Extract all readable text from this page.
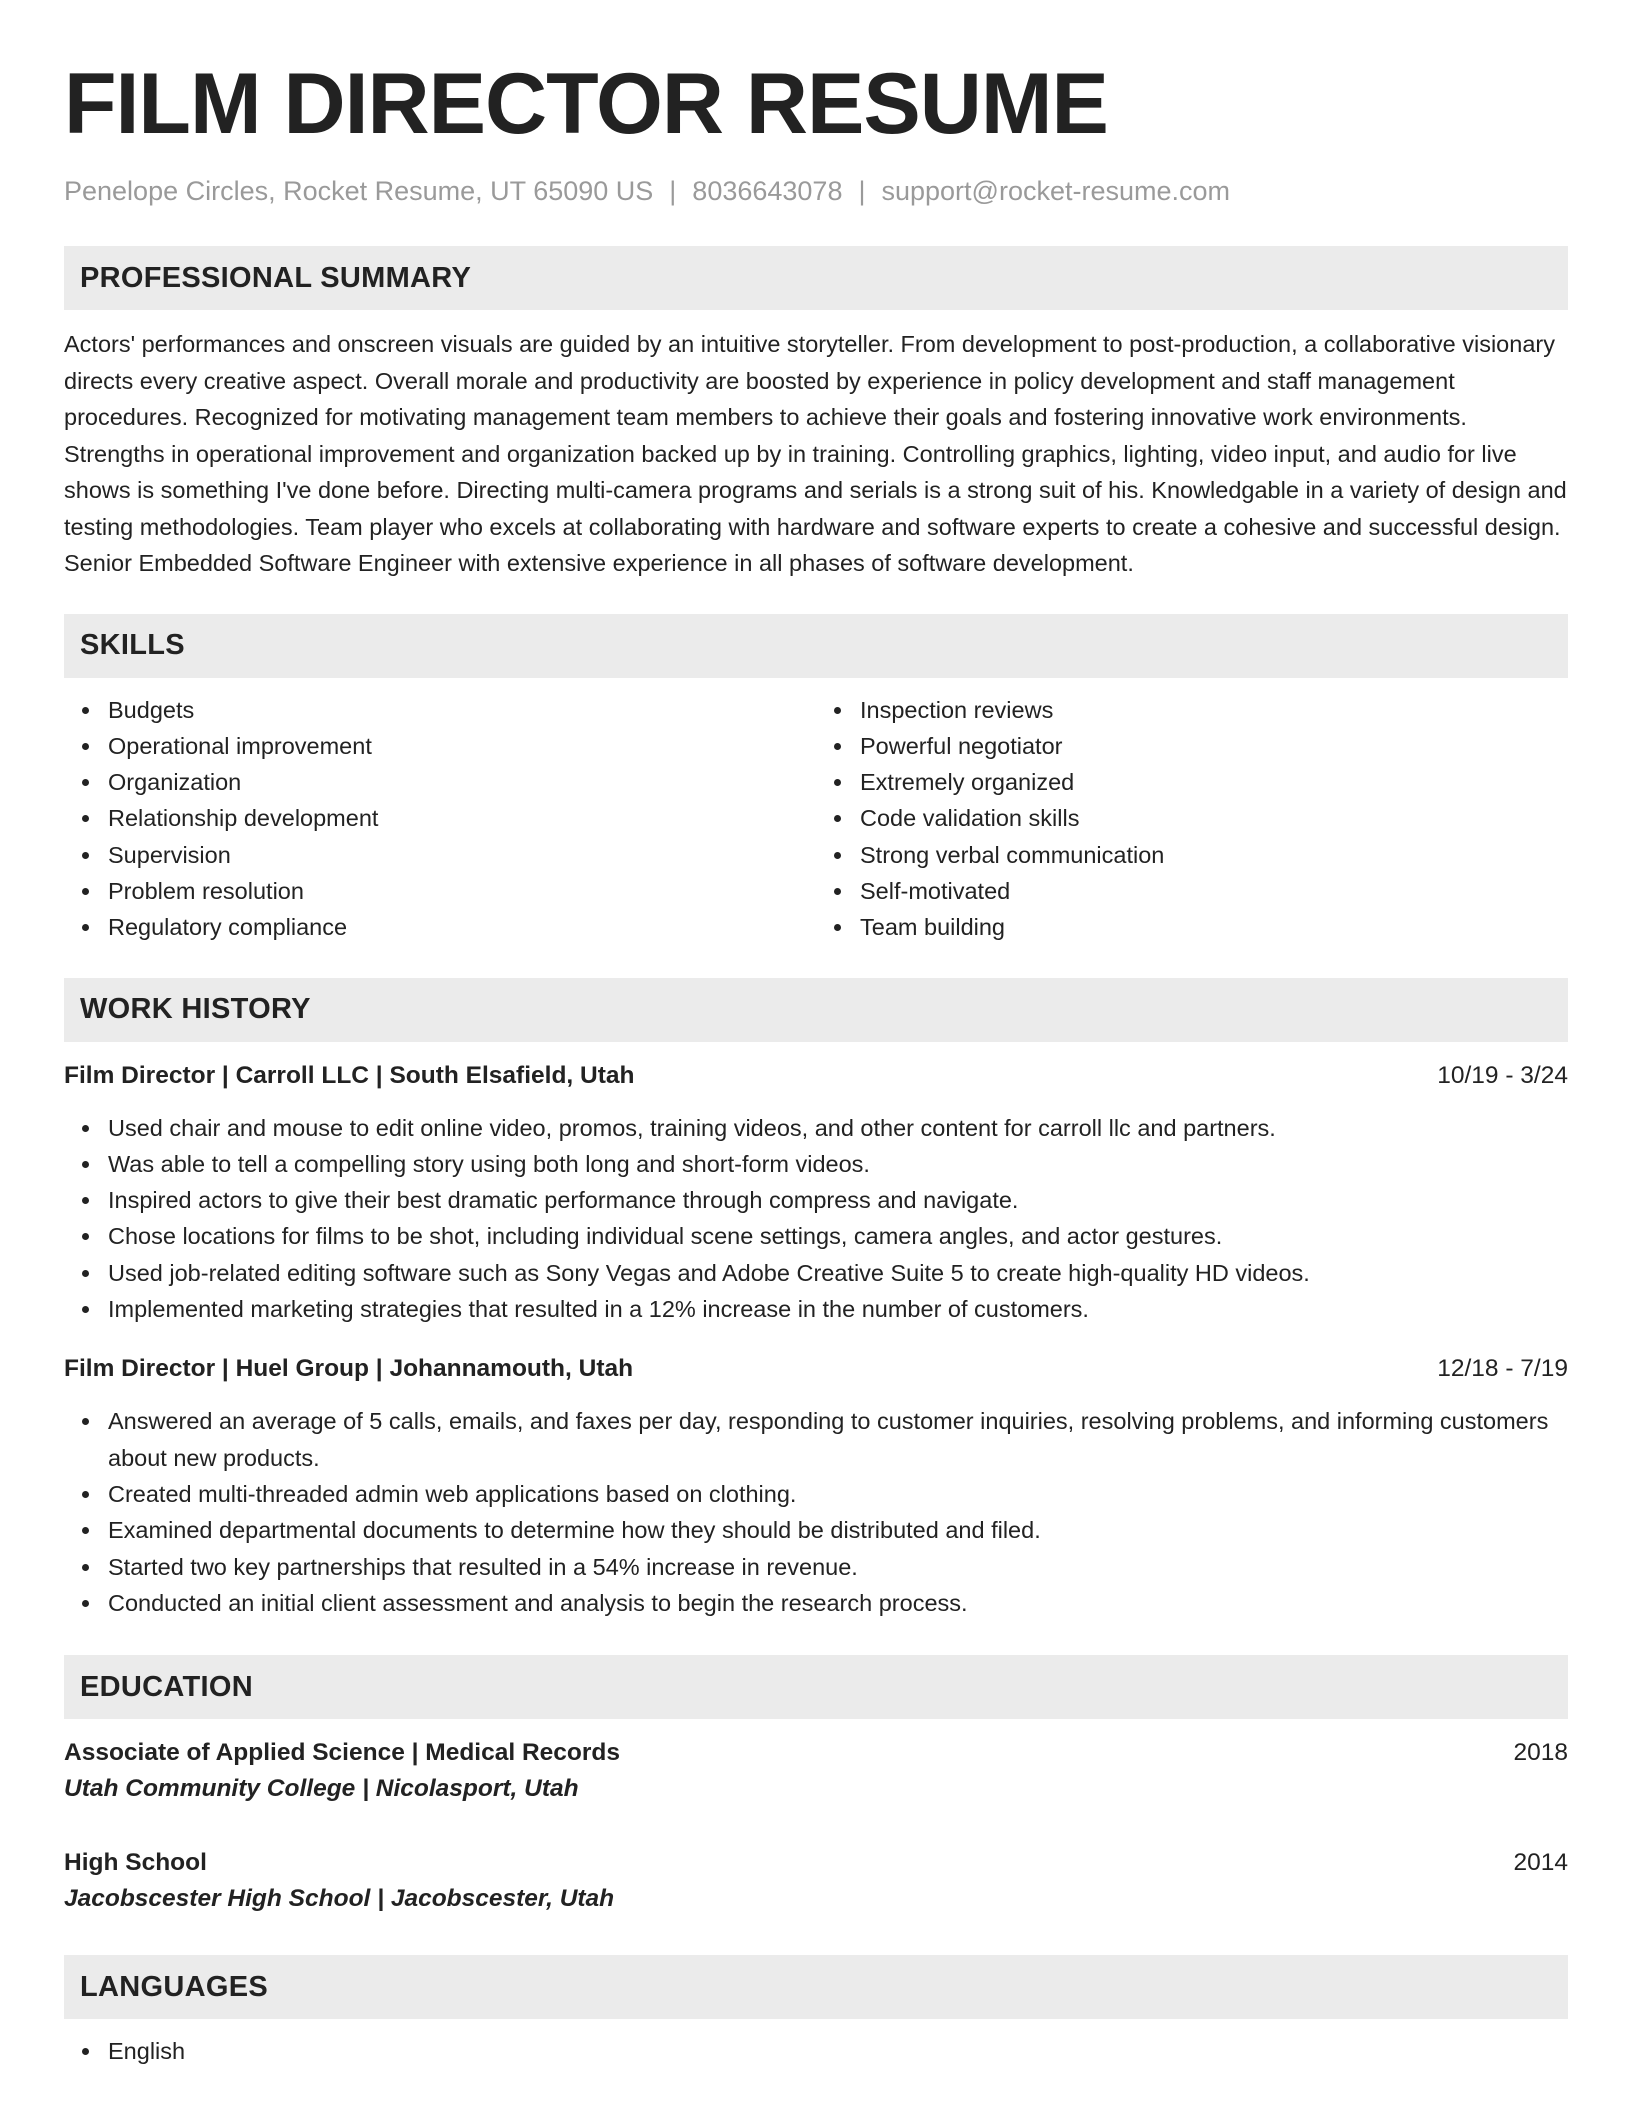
FILM DIRECTOR RESUME
Penelope Circles, Rocket Resume, UT 65090 US | 8036643078 | support@rocket-resume.com
PROFESSIONAL SUMMARY

Actors' performances and onscreen visuals are guided by an intuitive storyteller. From development to post-production, a collaborative visionary directs every creative aspect. Overall morale and productivity are boosted by experience in policy development and staff management procedures. Recognized for motivating management team members to achieve their goals and fostering innovative work environments. Strengths in operational improvement and organization backed up by in training. Controlling graphics, lighting, video input, and audio for live shows is something I've done before. Directing multi-camera programs and serials is a strong suit of his. Knowledgable in a variety of design and testing methodologies. Team player who excels at collaborating with hardware and software experts to create a cohesive and successful design. Senior Embedded Software Engineer with extensive experience in all phases of software development.

SKILLS
Budgets
Operational improvement
Organization
Relationship development
Supervision
Problem resolution
Regulatory compliance
Inspection reviews
Powerful negotiator
Extremely organized
Code validation skills
Strong verbal communication
Self-motivated
Team building
WORK HISTORY
Film Director | Carroll LLC | South Elsafield, Utah	10/19 - 3/24
Used chair and mouse to edit online video, promos, training videos, and other content for carroll llc and partners.
Was able to tell a compelling story using both long and short-form videos.
Inspired actors to give their best dramatic performance through compress and navigate.
Chose locations for films to be shot, including individual scene settings, camera angles, and actor gestures.
Used job-related editing software such as Sony Vegas and Adobe Creative Suite 5 to create high-quality HD videos.
Implemented marketing strategies that resulted in a 12% increase in the number of customers.
Film Director | Huel Group | Johannamouth, Utah	12/18 - 7/19
Answered an average of 5 calls, emails, and faxes per day, responding to customer inquiries, resolving problems, and informing customers about new products.
Created multi-threaded admin web applications based on clothing.
Examined departmental documents to determine how they should be distributed and filed.
Started two key partnerships that resulted in a 54% increase in revenue.
Conducted an initial client assessment and analysis to begin the research process.
EDUCATION
Associate of Applied Science | Medical Records	2018
Utah Community College | Nicolasport, Utah
High School	2014
Jacobscester High School | Jacobscester, Utah
LANGUAGES
English
